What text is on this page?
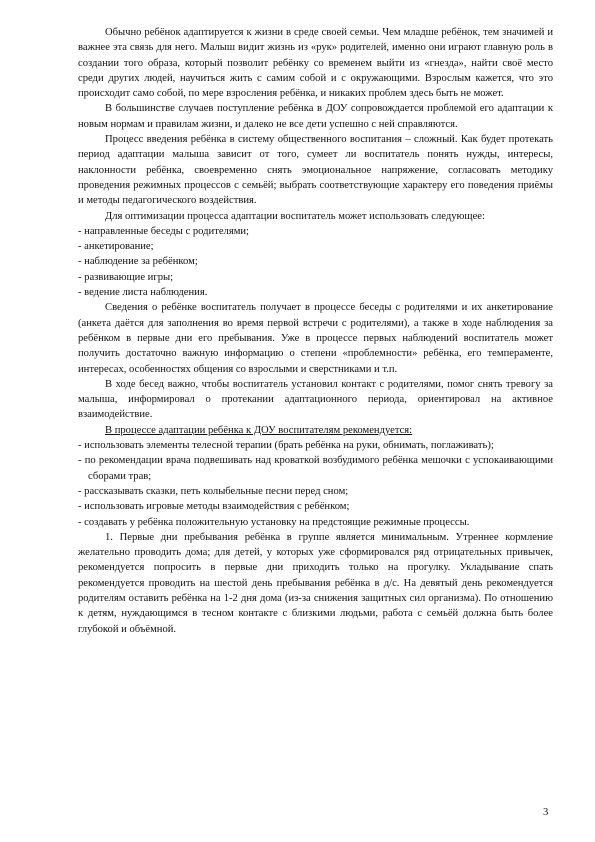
Обычно ребёнок адаптируется к жизни в среде своей семьи. Чем младше ребёнок, тем значимей и важнее эта связь для него. Малыш видит жизнь из «рук» родителей, именно они играют главную роль в создании того образа, который позволит ребёнку со временем выйти из «гнезда», найти своё место среди других людей, научиться жить с самим собой и с окружающими. Взрослым кажется, что это происходит само собой, по мере взросления ребёнка, и никаких проблем здесь быть не может.

В большинстве случаев поступление ребёнка в ДОУ сопровождается проблемой его адаптации к новым нормам и правилам жизни, и далеко не все дети успешно с ней справляются.

Процесс введения ребёнка в систему общественного воспитания – сложный. Как будет протекать период адаптации малыша зависит от того, сумеет ли воспитатель понять нужды, интересы, наклонности ребёнка, своевременно снять эмоциональное напряжение, согласовать методику проведения режимных процессов с семьёй; выбрать соответствующие характеру его поведения приёмы и методы педагогического воздействия.

Для оптимизации процесса адаптации воспитатель может использовать следующее:

- направленные беседы с родителями;

- анкетирование;

- наблюдение за ребёнком;

- развивающие игры;

- ведение листа наблюдения.

Сведения о ребёнке воспитатель получает в процессе беседы с родителями и их анкетирование (анкета даётся для заполнения во время первой встречи с родителями), а также в ходе наблюдения за ребёнком в первые дни его пребывания. Уже в процессе первых наблюдений воспитатель может получить достаточно важную информацию о степени «проблемности» ребёнка, его темпераменте, интересах, особенностях общения со взрослыми и сверстниками и т.п.

В ходе бесед важно, чтобы воспитатель установил контакт с родителями, помог снять тревогу за малыша, информировал о протекании адаптационного периода, ориентировал на активное взаимодействие.

В процессе адаптации ребёнка к ДОУ воспитателям рекомендуется:

- использовать элементы телесной терапии (брать ребёнка на руки, обнимать, поглаживать);

- по рекомендации врача подвешивать над кроваткой возбудимого ребёнка мешочки с успокаивающими сборами трав;

- рассказывать сказки, петь колыбельные песни перед сном;

- использовать игровые методы взаимодействия с ребёнком;

- создавать у ребёнка положительную установку на предстоящие режимные процессы.

1. Первые дни пребывания ребёнка в группе является минимальным. Утреннее кормление желательно проводить дома; для детей, у которых уже сформировался ряд отрицательных привычек, рекомендуется попросить в первые дни приходить только на прогулку. Укладывание спать рекомендуется проводить на шестой день пребывания ребёнка в д/с. На девятый день рекомендуется родителям оставить ребёнка на 1-2 дня дома (из-за снижения защитных сил организма). По отношению к детям, нуждающимся в тесном контакте с близкими людьми, работа с семьёй должна быть более глубокой и объёмной.

3
